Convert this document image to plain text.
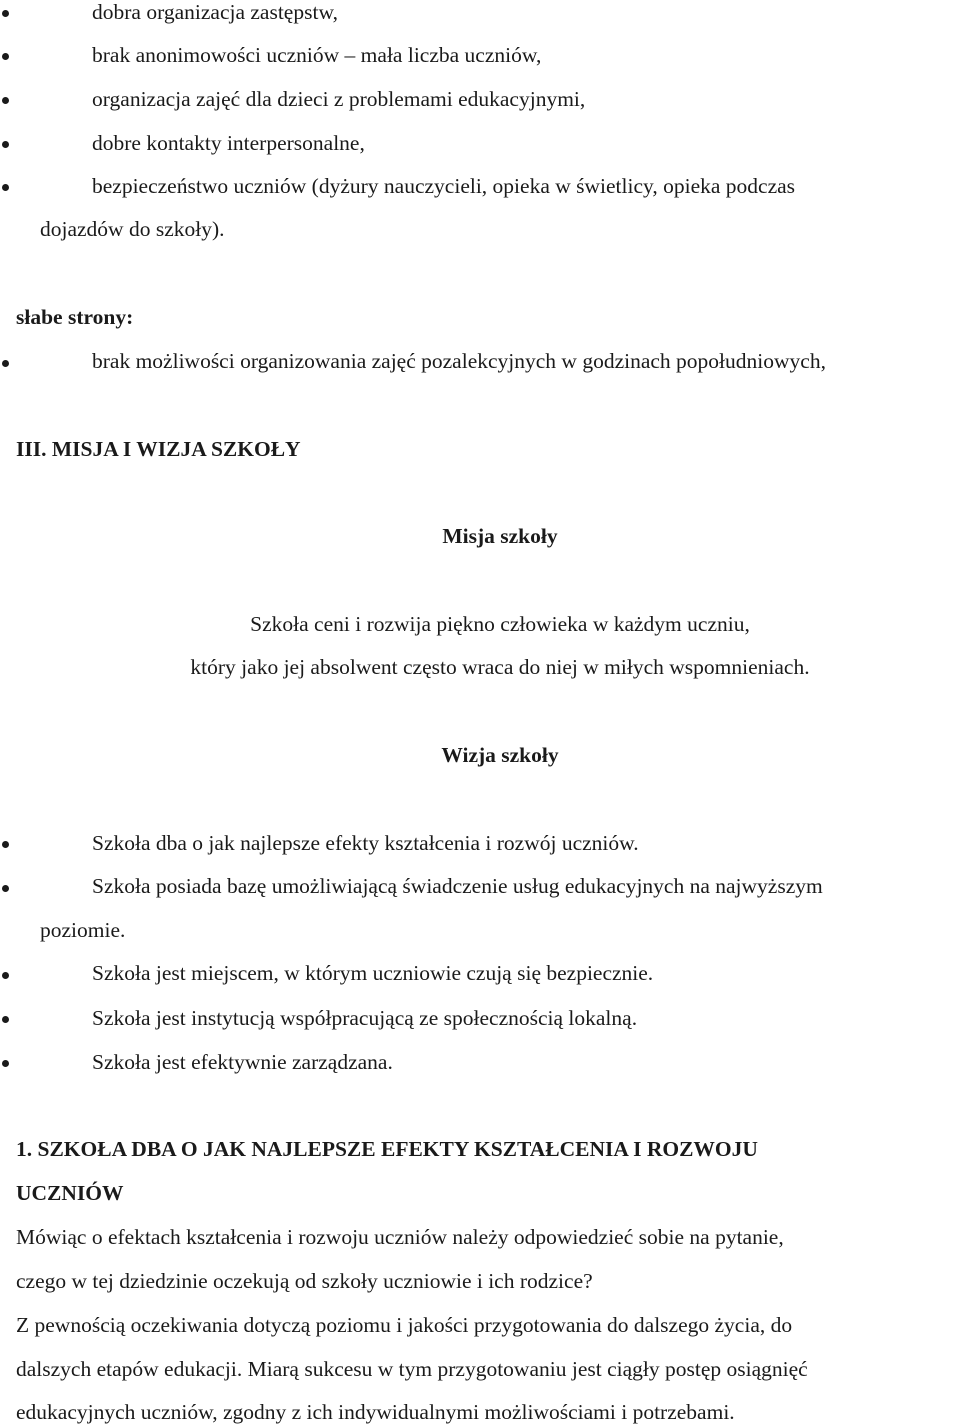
dobra organizacja zastępstw,
brak anonimowości uczniów – mała liczba uczniów,
organizacja zajęć dla dzieci z problemami edukacyjnymi,
dobre kontakty interpersonalne,
bezpieczeństwo uczniów (dyżury nauczycieli, opieka w świetlicy, opieka podczas
dojazdów do szkoły).
słabe strony:
brak możliwości organizowania zajęć pozalekcyjnych w godzinach popołudniowych,
III. MISJA I WIZJA SZKOŁY
Misja szkoły
Szkoła ceni i rozwija piękno człowieka w każdym uczniu,
który jako jej absolwent często wraca do niej w miłych wspomnieniach.
Wizja szkoły
Szkoła dba o jak najlepsze efekty kształcenia i rozwój uczniów.
Szkoła posiada bazę umożliwiającą świadczenie usług edukacyjnych na najwyższym
poziomie.
Szkoła jest miejscem, w którym uczniowie czują się bezpiecznie.
Szkoła jest instytucją współpracującą ze społecznością lokalną.
Szkoła jest efektywnie zarządzana.
1. SZKOŁA DBA O JAK NAJLEPSZE EFEKTY KSZTAŁCENIA I ROZWOJU
UCZNIÓW
Mówiąc o efektach kształcenia i rozwoju uczniów należy odpowiedzieć sobie na pytanie,
czego w tej dziedzinie oczekują od szkoły uczniowie i ich rodzice?
Z pewnością oczekiwania dotyczą poziomu i jakości przygotowania do dalszego życia, do
dalszych etapów edukacji. Miarą sukcesu w tym przygotowaniu jest ciągły postęp osiągnięć
edukacyjnych uczniów, zgodny z ich indywidualnymi możliwościami i potrzebami.
